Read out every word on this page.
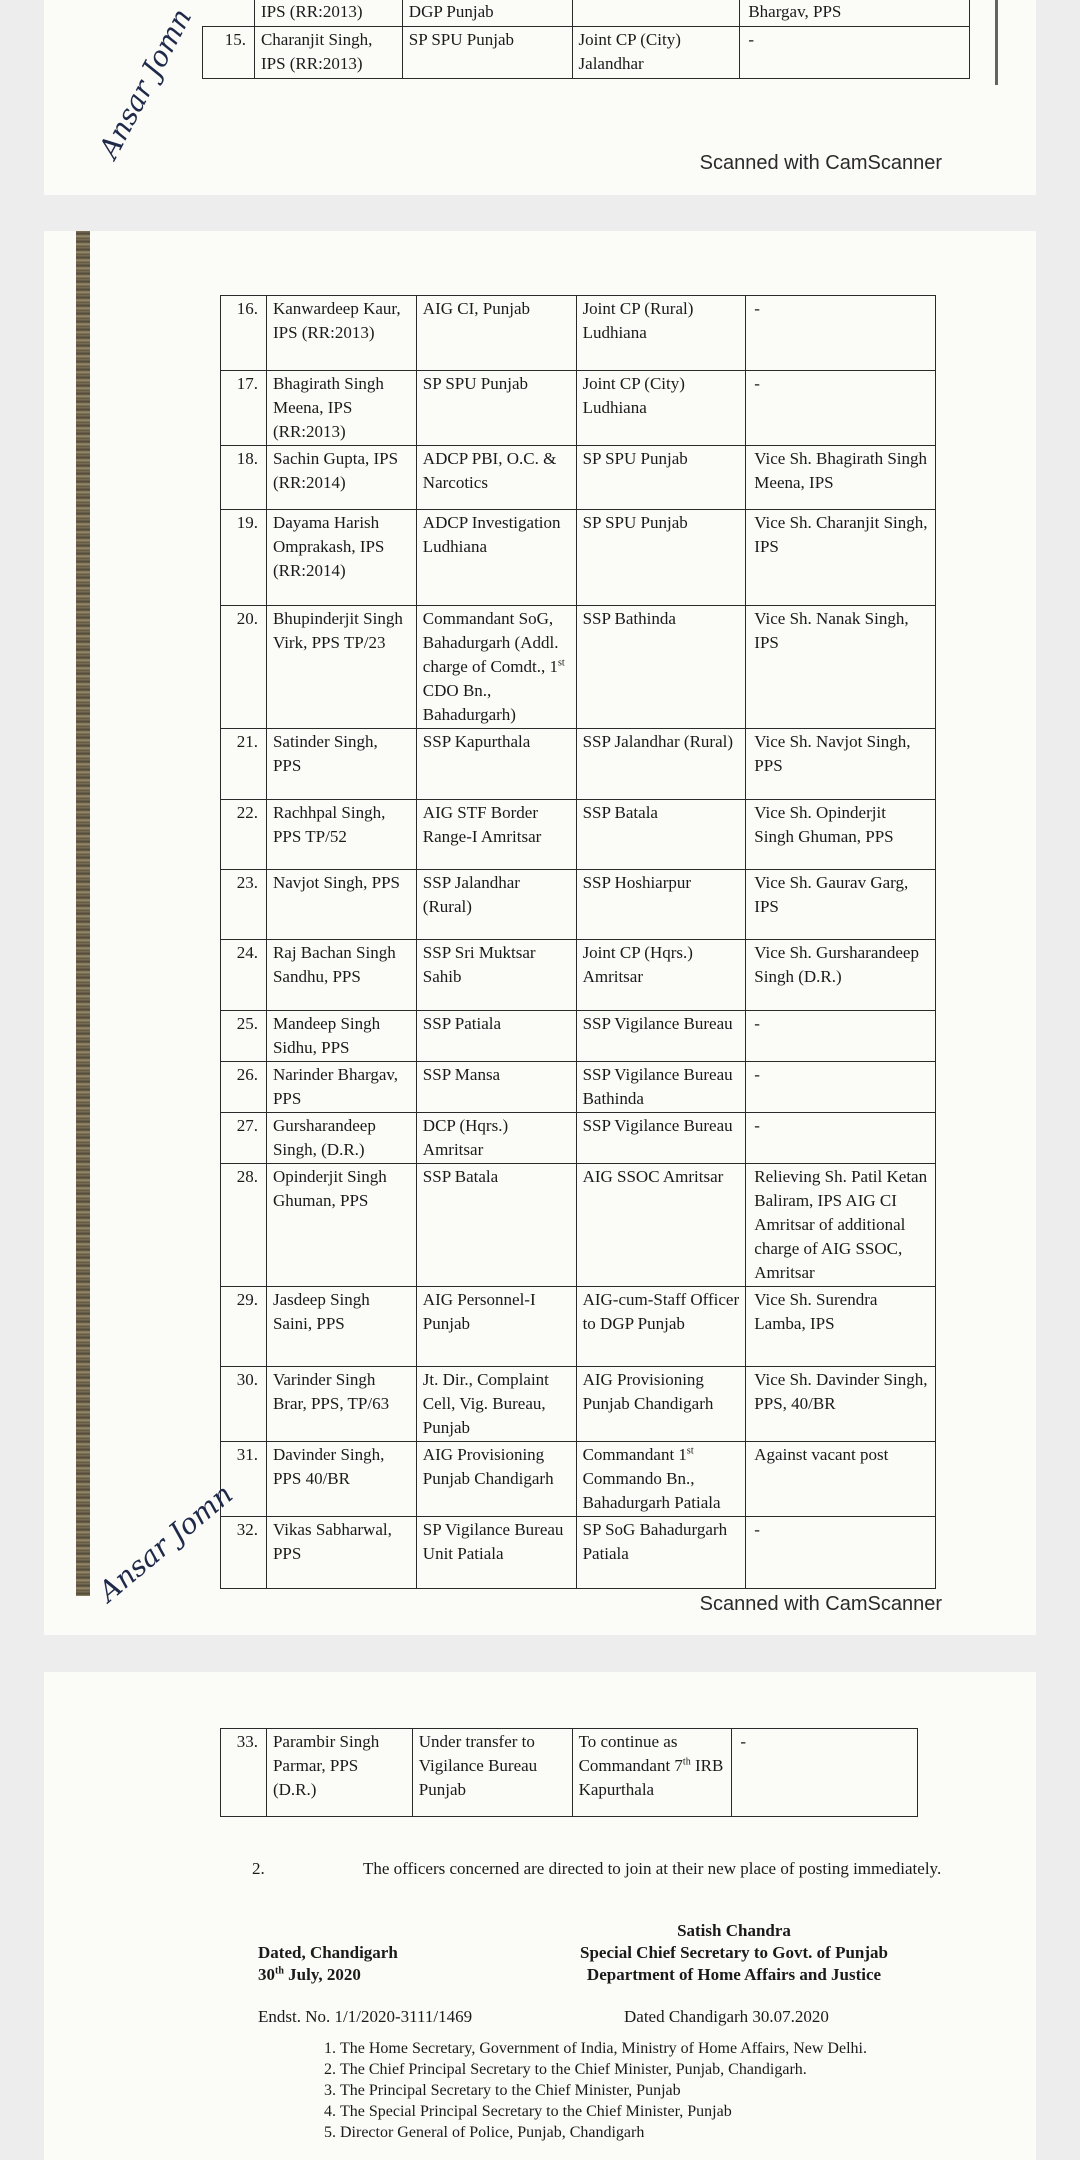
	IPS (RR:2013)	DGP Punjab		Bhargav, PPS
15.	Charanjit Singh, IPS (RR:2013)	SP SPU Punjab	Joint CP (City) Jalandhar	-
Ansar Jomn	Scanned with CamScanner
16.	Kanwardeep Kaur, IPS (RR:2013)	AIG CI, Punjab	Joint CP (Rural) Ludhiana	-
17.	Bhagirath Singh Meena, IPS (RR:2013)	SP SPU Punjab	Joint CP (City) Ludhiana	-
18.	Sachin Gupta, IPS (RR:2014)	ADCP PBI, O.C. & Narcotics	SP SPU Punjab	Vice Sh. Bhagirath Singh Meena, IPS
19.	Dayama Harish Omprakash, IPS (RR:2014)	ADCP Investigation Ludhiana	SP SPU Punjab	Vice Sh. Charanjit Singh, IPS
20.	Bhupinderjit Singh Virk, PPS TP/23	Commandant SoG, Bahadurgarh (Addl. charge of Comdt., 1st CDO Bn., Bahadurgarh)	SSP Bathinda	Vice Sh. Nanak Singh, IPS
21.	Satinder Singh, PPS	SSP Kapurthala	SSP Jalandhar (Rural)	Vice Sh. Navjot Singh, PPS
22.	Rachhpal Singh, PPS TP/52	AIG STF Border Range-I Amritsar	SSP Batala	Vice Sh. Opinderjit Singh Ghuman, PPS
23.	Navjot Singh, PPS	SSP Jalandhar (Rural)	SSP Hoshiarpur	Vice Sh. Gaurav Garg, IPS
24.	Raj Bachan Singh Sandhu, PPS	SSP Sri Muktsar Sahib	Joint CP (Hqrs.) Amritsar	Vice Sh. Gursharandeep Singh (D.R.)
25.	Mandeep Singh Sidhu, PPS	SSP Patiala	SSP Vigilance Bureau	-
26.	Narinder Bhargav, PPS	SSP Mansa	SSP Vigilance Bureau Bathinda	-
27.	Gursharandeep Singh, (D.R.)	DCP (Hqrs.) Amritsar	SSP Vigilance Bureau	-
28.	Opinderjit Singh Ghuman, PPS	SSP Batala	AIG SSOC Amritsar	Relieving Sh. Patil Ketan Baliram, IPS AIG CI Amritsar of additional charge of AIG SSOC, Amritsar
29.	Jasdeep Singh Saini, PPS	AIG Personnel-I Punjab	AIG-cum-Staff Officer to DGP Punjab	Vice Sh. Surendra Lamba, IPS
30.	Varinder Singh Brar, PPS, TP/63	Jt. Dir., Complaint Cell, Vig. Bureau, Punjab	AIG Provisioning Punjab Chandigarh	Vice Sh. Davinder Singh, PPS, 40/BR
31.	Davinder Singh, PPS 40/BR	AIG Provisioning Punjab Chandigarh	Commandant 1st Commando Bn., Bahadurgarh Patiala	Against vacant post
32.	Vikas Sabharwal, PPS	SP Vigilance Bureau Unit Patiala	SP SoG Bahadurgarh Patiala	-
Ansar Jomn	Scanned with CamScanner
33.	Parambir Singh Parmar, PPS (D.R.)	Under transfer to Vigilance Bureau Punjab	To continue as Commandant 7th IRB Kapurthala	-
2.	The officers concerned are directed to join at their new place of posting immediately.
Satish Chandra
Special Chief Secretary to Govt. of Punjab
Department of Home Affairs and Justice
Dated, Chandigarh
30th July, 2020
Endst. No. 1/1/2020-3111/1469	Dated Chandigarh 30.07.2020
1. The Home Secretary, Government of India, Ministry of Home Affairs, New Delhi.
2. The Chief Principal Secretary to the Chief Minister, Punjab, Chandigarh.
3. The Principal Secretary to the Chief Minister, Punjab
4. The Special Principal Secretary to the Chief Minister, Punjab
5. Director General of Police, Punjab, Chandigarh
